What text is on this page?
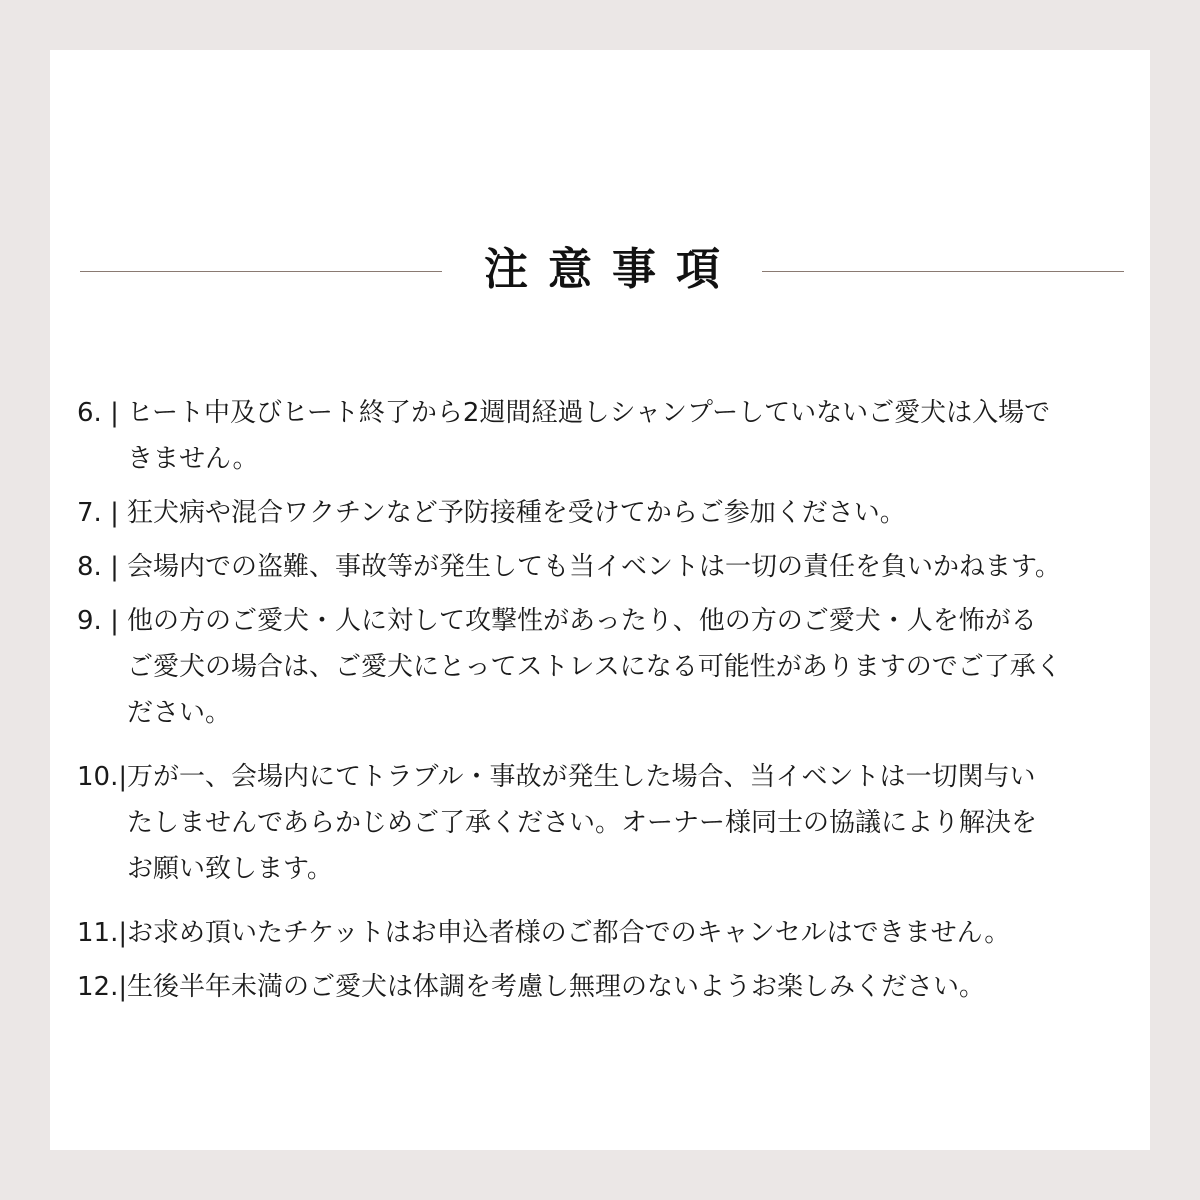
注意事項
6. | ヒート中及びヒート終了から2週間経過しシャンプーしていないご愛犬は入場で
きません。
7. | 狂犬病や混合ワクチンなど予防接種を受けてからご参加ください。
8. | 会場内での盗難、事故等が発生しても当イベントは一切の責任を負いかねます。
9. | 他の方のご愛犬・人に対して攻撃性があったり、他の方のご愛犬・人を怖がる
ご愛犬の場合は、ご愛犬にとってストレスになる可能性がありますのでご了承く
ださい。
10.| 万が一、会場内にてトラブル・事故が発生した場合、当イベントは一切関与い
たしませんであらかじめご了承ください。オーナー様同士の協議により解決を
お願い致します。
11.| お求め頂いたチケットはお申込者様のご都合でのキャンセルはできません。
12.| 生後半年未満のご愛犬は体調を考慮し無理のないようお楽しみください。
